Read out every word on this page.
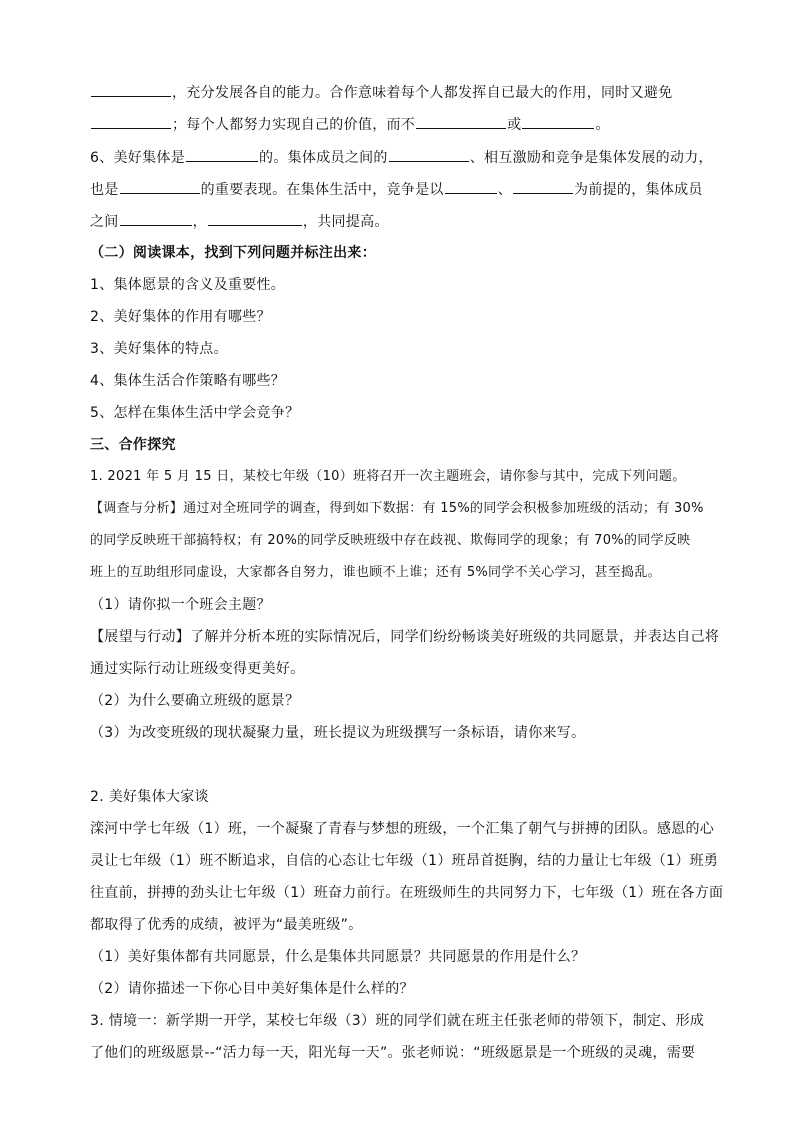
，充分发展各自的能力。合作意味着每个人都发挥自已最大的作用，同时又避免
；每个人都努力实现自己的价值，而不	或	。
6、美好集体是	的。集体成员之间的	、相互激励和竞争是集体发展的动力，
也是	的重要表现。在集体生活中，竞争是以	、	为前提的，集体成员
之间	，	，共同提高。
（二）阅读课本，找到下列问题并标注出来：
1、集体愿景的含义及重要性。
2、美好集体的作用有哪些？
3、美好集体的特点。
4、集体生活合作策略有哪些？
5、怎样在集体生活中学会竞争？
三、合作探究
1. 2021 年 5 月 15 日，某校七年级（10）班将召开一次主题班会，请你参与其中，完成下列问题。
【调查与分析】通过对全班同学的调查，得到如下数据：有 15%的同学会积极参加班级的活动；有 30%
的同学反映班干部搞特权；有 20%的同学反映班级中存在歧视、欺侮同学的现象；有 70%的同学反映
班上的互助组形同虚设，大家都各自努力，谁也顾不上谁；还有 5%同学不关心学习，甚至捣乱。
（1）请你拟一个班会主题？
【展望与行动】了解并分析本班的实际情况后，同学们纷纷畅谈美好班级的共同愿景，并表达自己将
通过实际行动让班级变得更美好。
（2）为什么要确立班级的愿景？
（3）为改变班级的现状凝聚力量，班长提议为班级撰写一条标语，请你来写。
2. 美好集体大家谈
滦河中学七年级（1）班，一个凝聚了青春与梦想的班级，一个汇集了朝气与拼搏的团队。感恩的心
灵让七年级（1）班不断追求，自信的心态让七年级（1）班昂首挺胸，结的力量让七年级（1）班勇
往直前，拼搏的劲头让七年级（1）班奋力前行。在班级师生的共同努力下，七年级（1）班在各方面
都取得了优秀的成绩，被评为“最美班级”。
（1）美好集体都有共同愿景，什么是集体共同愿景？共同愿景的作用是什么？
（2）请你描述一下你心目中美好集体是什么样的？
3. 情境一：新学期一开学，某校七年级（3）班的同学们就在班主任张老师的带领下，制定、形成
了他们的班级愿景--“活力每一天，阳光每一天”。张老师说：“班级愿景是一个班级的灵魂，需要
